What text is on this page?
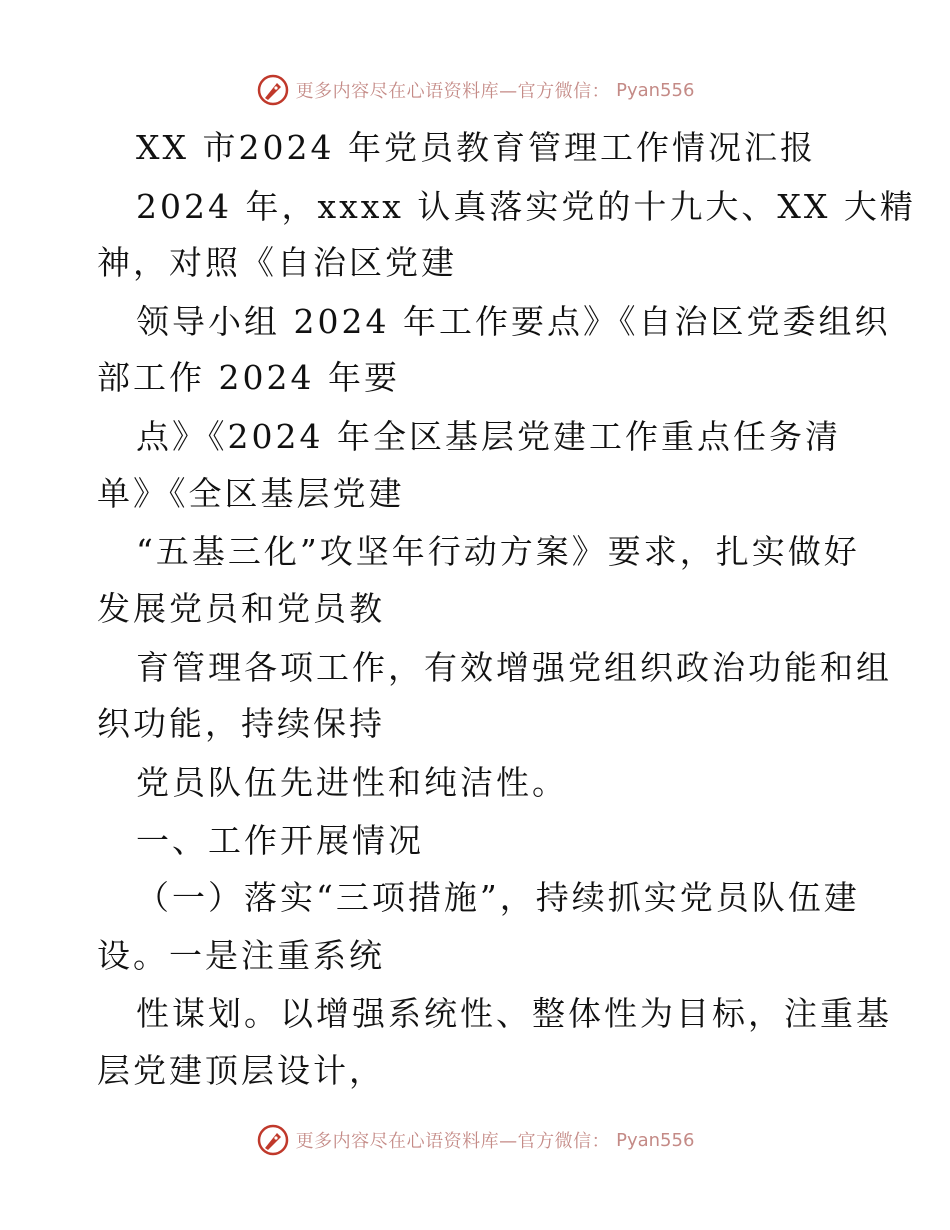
更多内容尽在心语资料库—官方微信： Pyan556
XX 市2024 年党员教育管理工作情况汇报
2024 年，xxxx 认真落实党的十九大、XX 大精
神，对照《自治区党建
领导小组 2024 年工作要点》《自治区党委组织
部工作 2024 年要
点》《2024 年全区基层党建工作重点任务清
单》《全区基层党建
“五基三化”攻坚年行动方案》要求，扎实做好
发展党员和党员教
育管理各项工作，有效增强党组织政治功能和组
织功能，持续保持
党员队伍先进性和纯洁性。
一、工作开展情况
（一）落实“三项措施”，持续抓实党员队伍建
设。一是注重系统
性谋划。以增强系统性、整体性为目标，注重基
层党建顶层设计，
更多内容尽在心语资料库—官方微信： Pyan556
